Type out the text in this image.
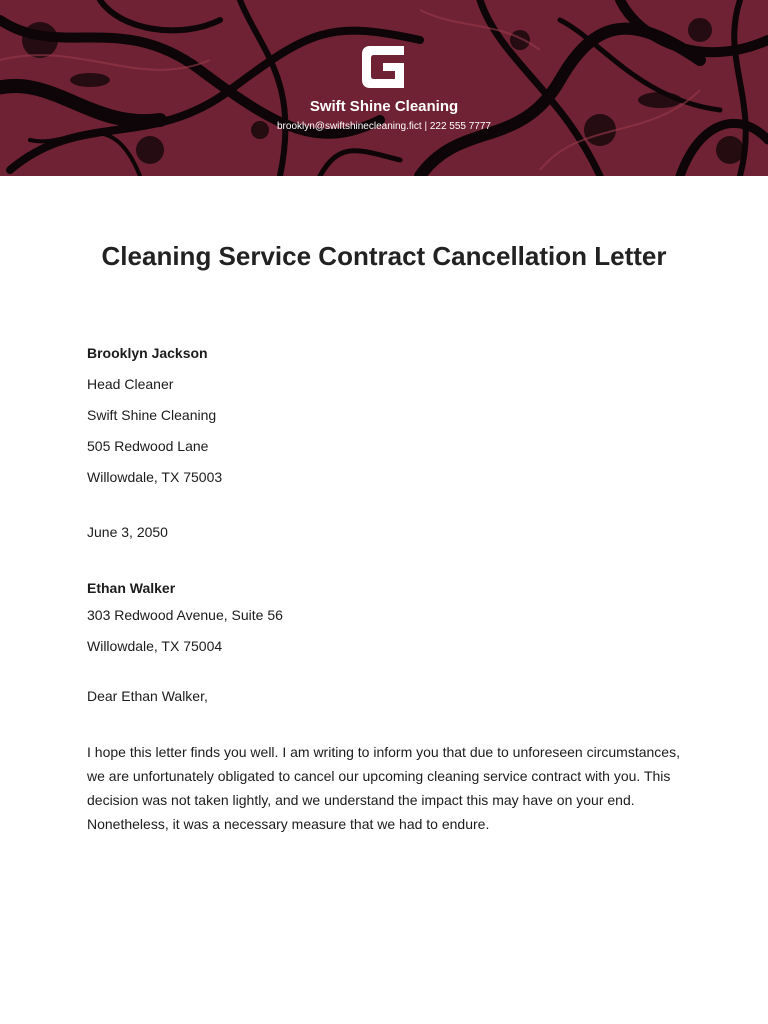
Swift Shine Cleaning
brooklyn@swiftshinecleaning.fict | 222 555 7777
Cleaning Service Contract Cancellation Letter
Brooklyn Jackson
Head Cleaner
Swift Shine Cleaning
505 Redwood Lane
Willowdale, TX 75003
June 3, 2050
Ethan Walker
303 Redwood Avenue, Suite 56
Willowdale, TX 75004
Dear Ethan Walker,

I hope this letter finds you well. I am writing to inform you that due to unforeseen circumstances, we are unfortunately obligated to cancel our upcoming cleaning service contract with you. This decision was not taken lightly, and we understand the impact this may have on your end. Nonetheless, it was a necessary measure that we had to endure.
